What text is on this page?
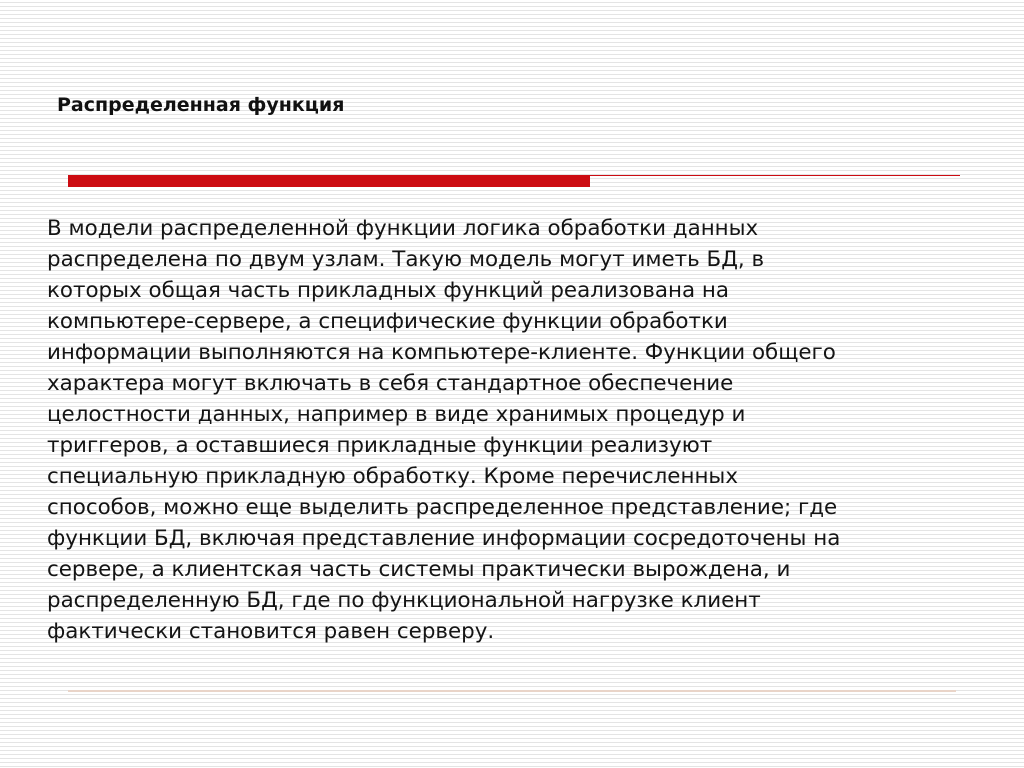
Распределенная функция

В модели распределенной функции логика обработки данных
распределена по двум узлам. Такую модель могут иметь БД, в
которых общая часть прикладных функций реализована на
компьютере-сервере, а специфические функции обработки
информации выполняются на компьютере-клиенте. Функции общего
характера могут включать в себя стандартное обеспечение
целостности данных, например в виде хранимых процедур и
триггеров, а оставшиеся прикладные функции реализуют
специальную прикладную обработку. Кроме перечисленных
способов, можно еще выделить распределенное представление; где
функции БД, включая представление информации сосредоточены на
сервере, а клиентская часть системы практически вырождена, и
распределенную БД, где по функциональной нагрузке клиент
фактически становится равен серверу.
